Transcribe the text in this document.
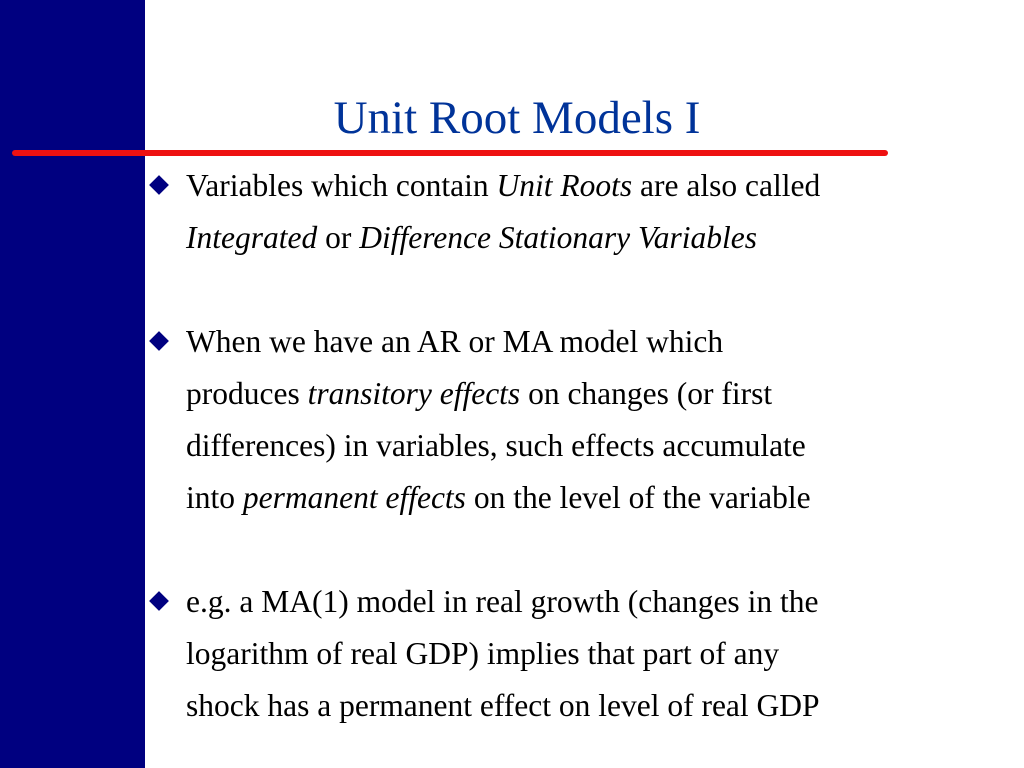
Unit Root Models I
Variables which contain Unit Roots are also called
Integrated or Difference Stationary Variables
When we have an AR or MA model which
produces transitory effects on changes (or first
differences) in variables, such effects accumulate
into permanent effects on the level of the variable
e.g. a MA(1) model in real growth (changes in the
logarithm of real GDP) implies that part of any
shock has a permanent effect on level of real GDP
